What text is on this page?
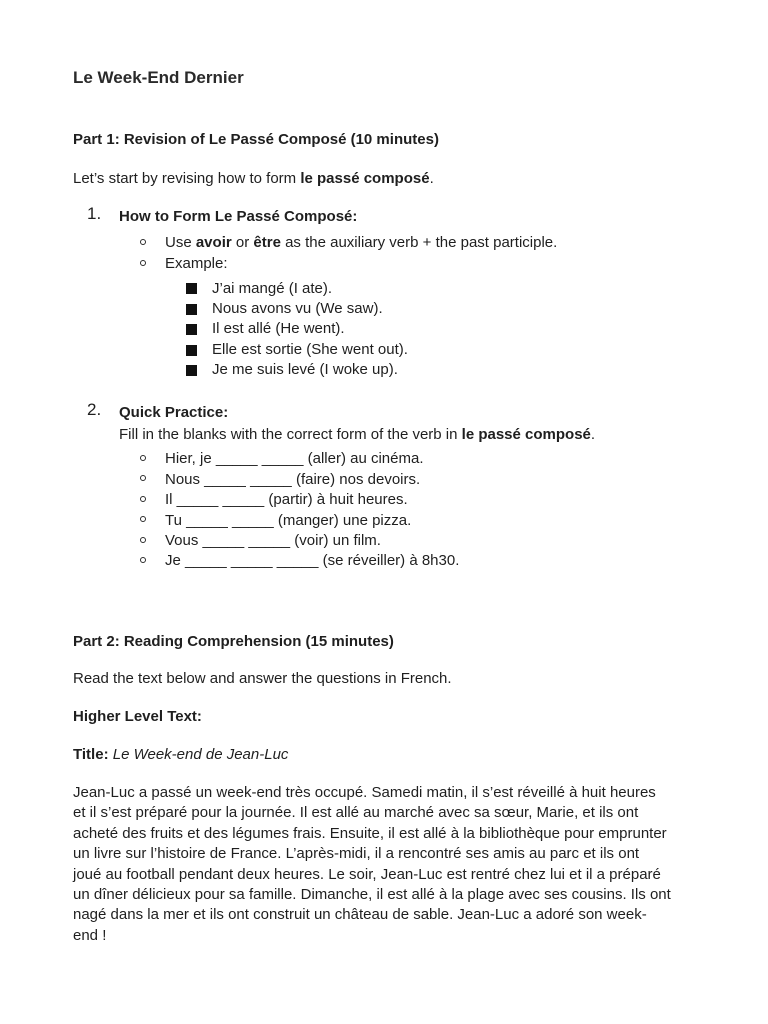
Le Week-End Dernier
Part 1: Revision of Le Passé Composé (10 minutes)
Let’s start by revising how to form le passé composé.
1. How to Form Le Passé Composé:
Use avoir or être as the auxiliary verb + the past participle.
Example:
J’ai mangé (I ate).
Nous avons vu (We saw).
Il est allé (He went).
Elle est sortie (She went out).
Je me suis levé (I woke up).
2. Quick Practice:
Fill in the blanks with the correct form of the verb in le passé composé.
Hier, je _____ _____ (aller) au cinéma.
Nous _____ _____ (faire) nos devoirs.
Il _____ _____ (partir) à huit heures.
Tu _____ _____ (manger) une pizza.
Vous _____ _____ (voir) un film.
Je _____ _____ _____ (se réveiller) à 8h30.
Part 2: Reading Comprehension (15 minutes)
Read the text below and answer the questions in French.
Higher Level Text:
Title: Le Week-end de Jean-Luc
Jean-Luc a passé un week-end très occupé. Samedi matin, il s’est réveillé à huit heures
et il s’est préparé pour la journée. Il est allé au marché avec sa sœur, Marie, et ils ont
acheté des fruits et des légumes frais. Ensuite, il est allé à la bibliothèque pour emprunter
un livre sur l’histoire de France. L’après-midi, il a rencontré ses amis au parc et ils ont
joué au football pendant deux heures. Le soir, Jean-Luc est rentré chez lui et il a préparé
un dîner délicieux pour sa famille. Dimanche, il est allé à la plage avec ses cousins. Ils ont
nagé dans la mer et ils ont construit un château de sable. Jean-Luc a adoré son week-
end !
